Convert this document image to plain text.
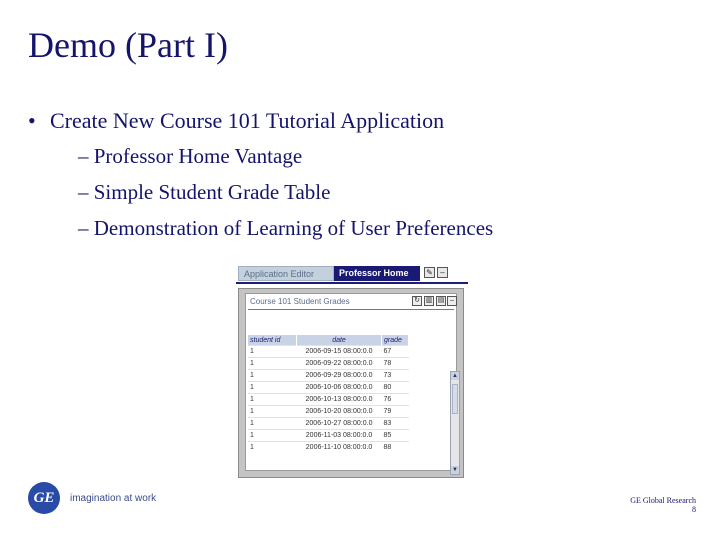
Demo (Part I)
• Create New Course 101 Tutorial Application
– Professor Home Vantage
– Simple Student Grade Table
– Demonstration of Learning of User Preferences
Application Editor	Professor Home	✎ –
Course 101 Student Grades	↻ ▥ ▤ –
student id	date	grade
1	2006-09-15 08:00:0.0	67
1	2006-09-22 08:00:0.0	78
1	2006-09-29 08:00:0.0	73
1	2006-10-06 08:00:0.0	80
1	2006-10-13 08:00:0.0	76
1	2006-10-20 08:00:0.0	79
1	2006-10-27 08:00:0.0	83
1	2006-11-03 08:00:0.0	85
1	2006-11-10 08:00:0.0	88
▲
▼
GE	imagination at work	GE Global Research
8
